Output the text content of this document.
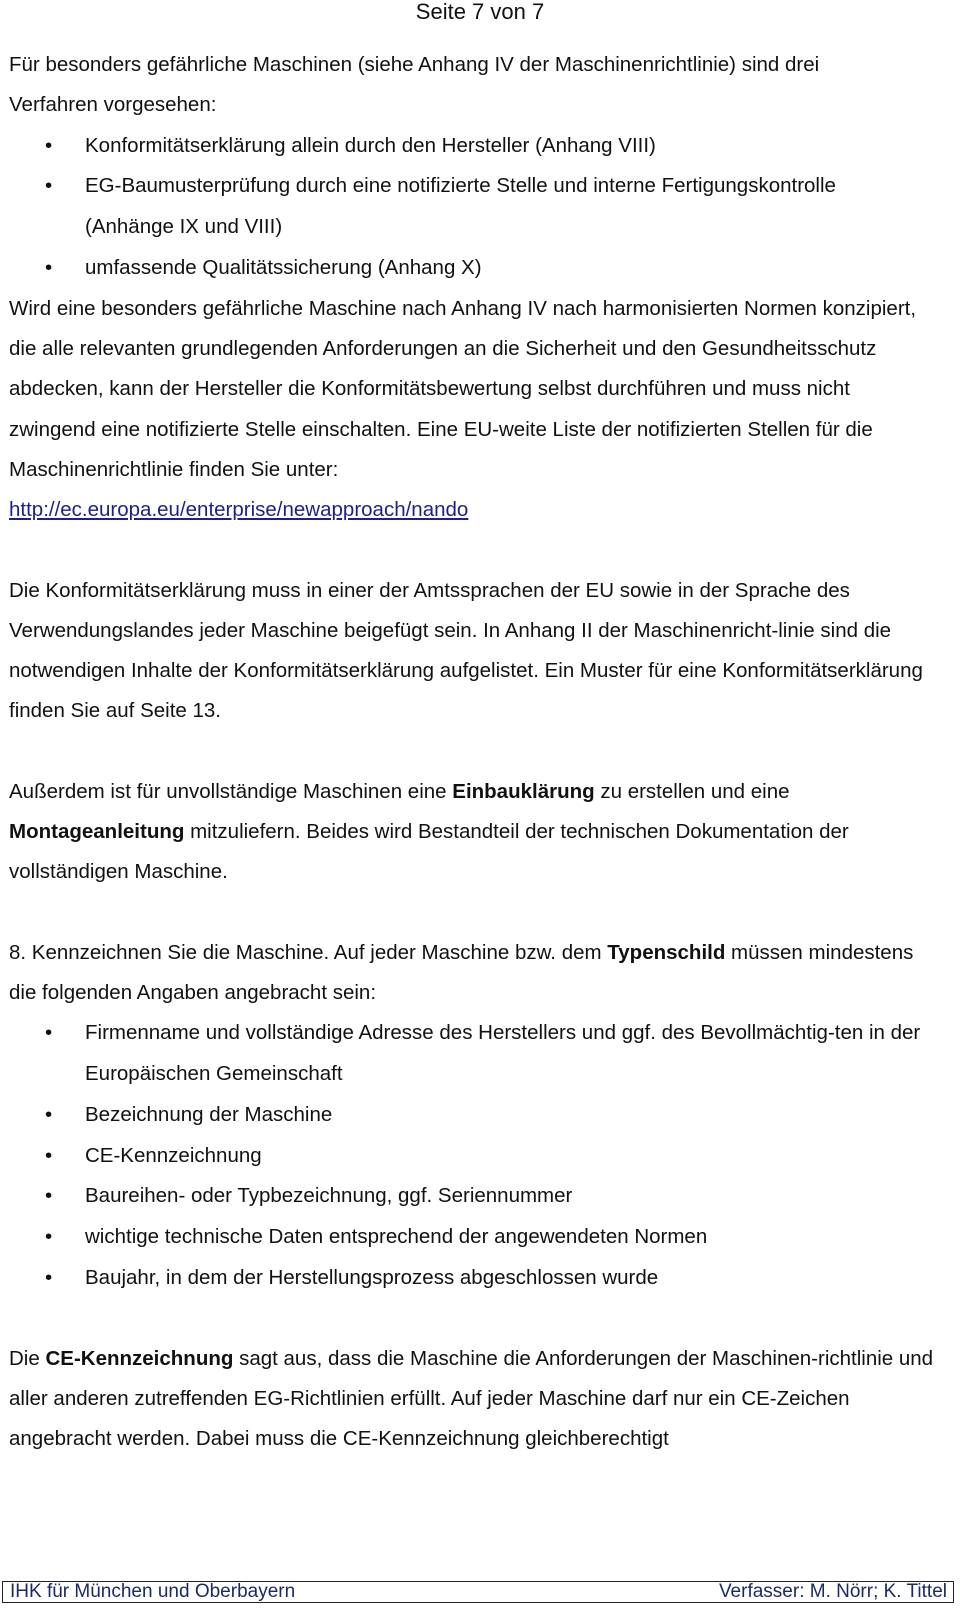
Seite 7 von 7

Für besonders gefährliche Maschinen (siehe Anhang IV der Maschinenrichtlinie) sind drei

Verfahren vorgesehen:

• Konformitätserklärung allein durch den Hersteller (Anhang VIII)
• EG-Baumusterprüfung durch eine notifizierte Stelle und interne Fertigungskontrolle (Anhänge IX und VIII)
• umfassende Qualitätssicherung (Anhang X)

Wird eine besonders gefährliche Maschine nach Anhang IV nach harmonisierten Normen konzipiert, die alle relevanten grundlegenden Anforderungen an die Sicherheit und den Gesundheitsschutz abdecken, kann der Hersteller die Konformitätsbewertung selbst durchführen und muss nicht zwingend eine notifizierte Stelle einschalten. Eine EU-weite Liste der notifizierten Stellen für die Maschinenrichtlinie finden Sie unter:
http://ec.europa.eu/enterprise/newapproach/nando

Die Konformitätserklärung muss in einer der Amtssprachen der EU sowie in der Sprache des Verwendungslandes jeder Maschine beigefügt sein. In Anhang II der Maschinenricht-linie sind die notwendigen Inhalte der Konformitätserklärung aufgelistet. Ein Muster für eine Konformitätserklärung finden Sie auf Seite 13.

Außerdem ist für unvollständige Maschinen eine Einbauklärung zu erstellen und eine Montageanleitung mitzuliefern. Beides wird Bestandteil der technischen Dokumentation der vollständigen Maschine.

8. Kennzeichnen Sie die Maschine. Auf jeder Maschine bzw. dem Typenschild müssen mindestens die folgenden Angaben angebracht sein:

• Firmenname und vollständige Adresse des Herstellers und ggf. des Bevollmächtig-ten in der Europäischen Gemeinschaft
• Bezeichnung der Maschine
• CE-Kennzeichnung
• Baureihen- oder Typbezeichnung, ggf. Seriennummer
• wichtige technische Daten entsprechend der angewendeten Normen
• Baujahr, in dem der Herstellungsprozess abgeschlossen wurde

Die CE-Kennzeichnung sagt aus, dass die Maschine die Anforderungen der Maschinen-richtlinie und aller anderen zutreffenden EG-Richtlinien erfüllt. Auf jeder Maschine darf nur ein CE-Zeichen angebracht werden. Dabei muss die CE-Kennzeichnung gleichberechtigt

IHK für München und Oberbayern	Verfasser: M. Nörr; K. Tittel
